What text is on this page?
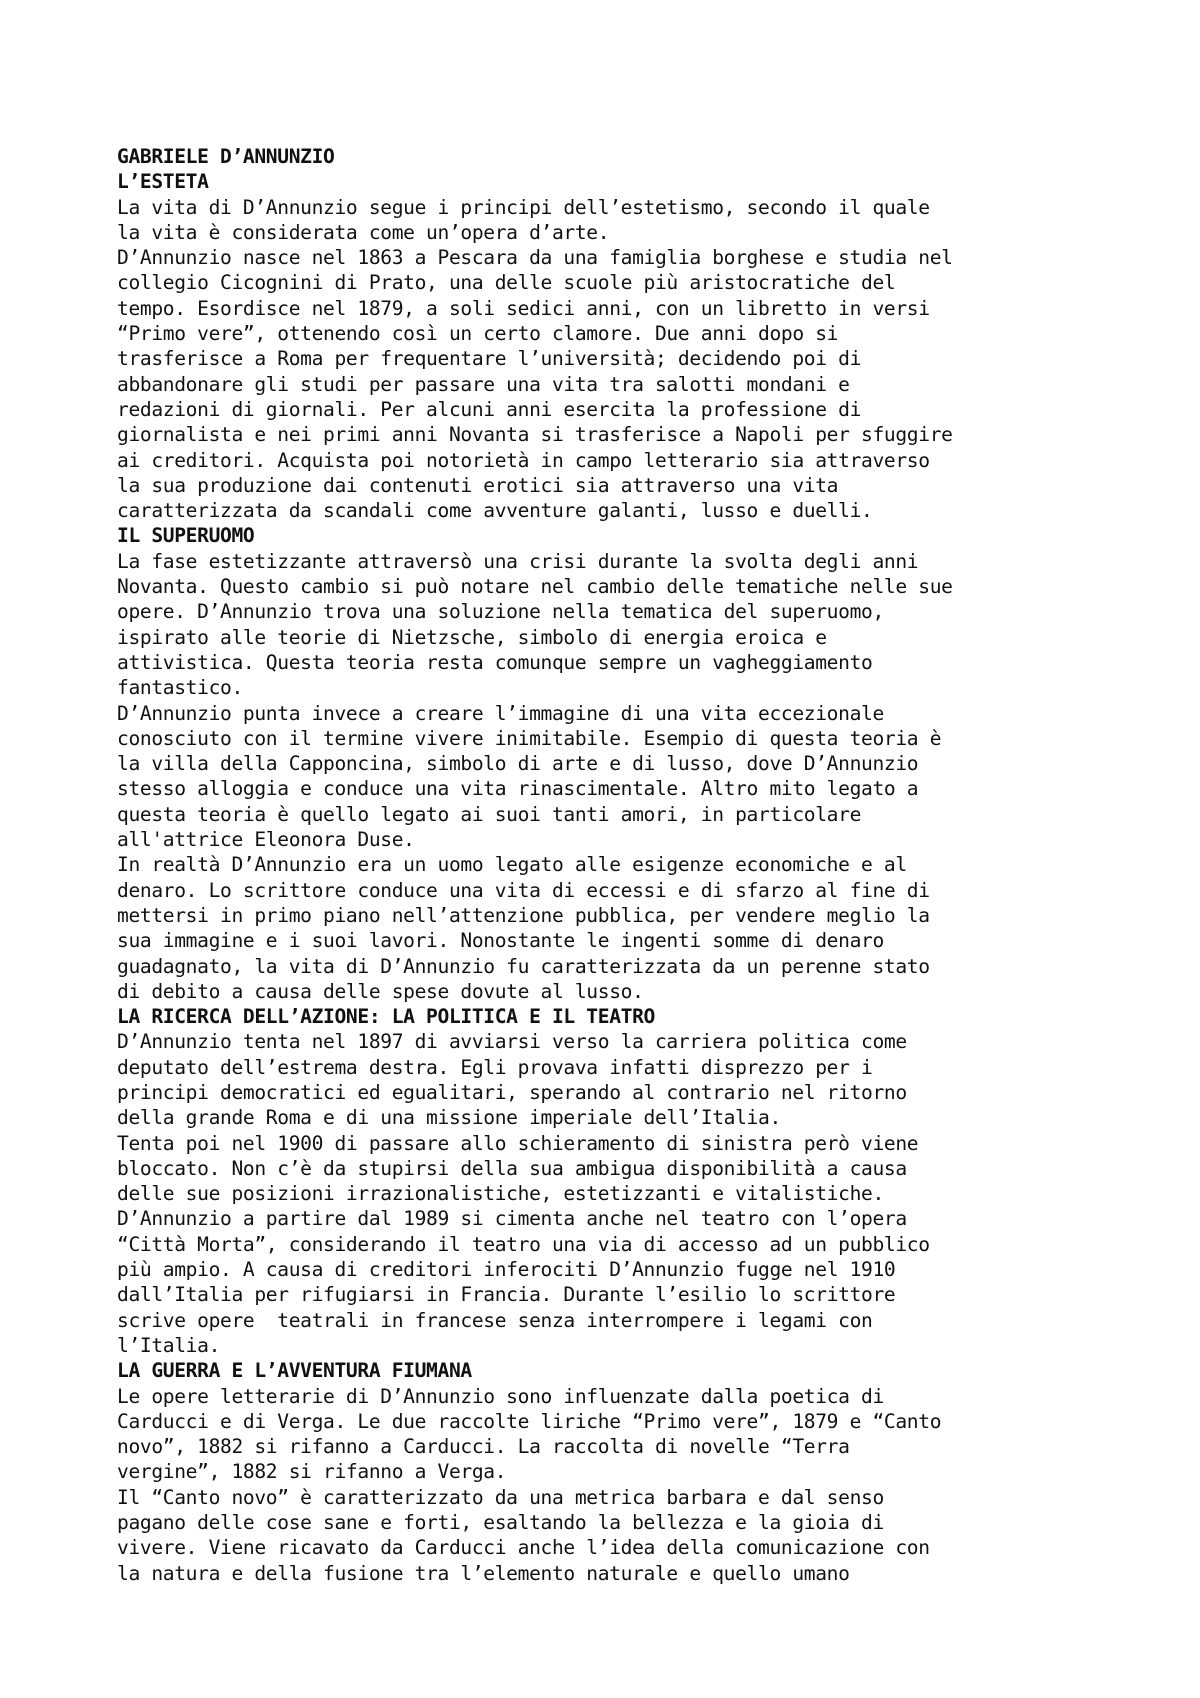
GABRIELE D’ANNUNZIO
L’ESTETA
La vita di D’Annunzio segue i principi dell’estetismo, secondo il quale
la vita è considerata come un’opera d’arte.
D’Annunzio nasce nel 1863 a Pescara da una famiglia borghese e studia nel
collegio Cicognini di Prato, una delle scuole più aristocratiche del
tempo. Esordisce nel 1879, a soli sedici anni, con un libretto in versi
“Primo vere”, ottenendo così un certo clamore. Due anni dopo si
trasferisce a Roma per frequentare l’università; decidendo poi di
abbandonare gli studi per passare una vita tra salotti mondani e
redazioni di giornali. Per alcuni anni esercita la professione di
giornalista e nei primi anni Novanta si trasferisce a Napoli per sfuggire
ai creditori. Acquista poi notorietà in campo letterario sia attraverso
la sua produzione dai contenuti erotici sia attraverso una vita
caratterizzata da scandali come avventure galanti, lusso e duelli.
IL SUPERUOMO
La fase estetizzante attraversò una crisi durante la svolta degli anni
Novanta. Questo cambio si può notare nel cambio delle tematiche nelle sue
opere. D’Annunzio trova una soluzione nella tematica del superuomo,
ispirato alle teorie di Nietzsche, simbolo di energia eroica e
attivistica. Questa teoria resta comunque sempre un vagheggiamento
fantastico.
D’Annunzio punta invece a creare l’immagine di una vita eccezionale
conosciuto con il termine vivere inimitabile. Esempio di questa teoria è
la villa della Capponcina, simbolo di arte e di lusso, dove D’Annunzio
stesso alloggia e conduce una vita rinascimentale. Altro mito legato a
questa teoria è quello legato ai suoi tanti amori, in particolare
all'attrice Eleonora Duse.
In realtà D’Annunzio era un uomo legato alle esigenze economiche e al
denaro. Lo scrittore conduce una vita di eccessi e di sfarzo al fine di
mettersi in primo piano nell’attenzione pubblica, per vendere meglio la
sua immagine e i suoi lavori. Nonostante le ingenti somme di denaro
guadagnato, la vita di D’Annunzio fu caratterizzata da un perenne stato
di debito a causa delle spese dovute al lusso.
LA RICERCA DELL’AZIONE: LA POLITICA E IL TEATRO
D’Annunzio tenta nel 1897 di avviarsi verso la carriera politica come
deputato dell’estrema destra. Egli provava infatti disprezzo per i
principi democratici ed egualitari, sperando al contrario nel ritorno
della grande Roma e di una missione imperiale dell’Italia.
Tenta poi nel 1900 di passare allo schieramento di sinistra però viene
bloccato. Non c’è da stupirsi della sua ambigua disponibilità a causa
delle sue posizioni irrazionalistiche, estetizzanti e vitalistiche.
D’Annunzio a partire dal 1989 si cimenta anche nel teatro con l’opera
“Città Morta”, considerando il teatro una via di accesso ad un pubblico
più ampio. A causa di creditori inferociti D’Annunzio fugge nel 1910
dall’Italia per rifugiarsi in Francia. Durante l’esilio lo scrittore
scrive opere  teatrali in francese senza interrompere i legami con
l’Italia.
LA GUERRA E L’AVVENTURA FIUMANA
Le opere letterarie di D’Annunzio sono influenzate dalla poetica di
Carducci e di Verga. Le due raccolte liriche “Primo vere”, 1879 e “Canto
novo”, 1882 si rifanno a Carducci. La raccolta di novelle “Terra
vergine”, 1882 si rifanno a Verga.
Il “Canto novo” è caratterizzato da una metrica barbara e dal senso
pagano delle cose sane e forti, esaltando la bellezza e la gioia di
vivere. Viene ricavato da Carducci anche l’idea della comunicazione con
la natura e della fusione tra l’elemento naturale e quello umano
